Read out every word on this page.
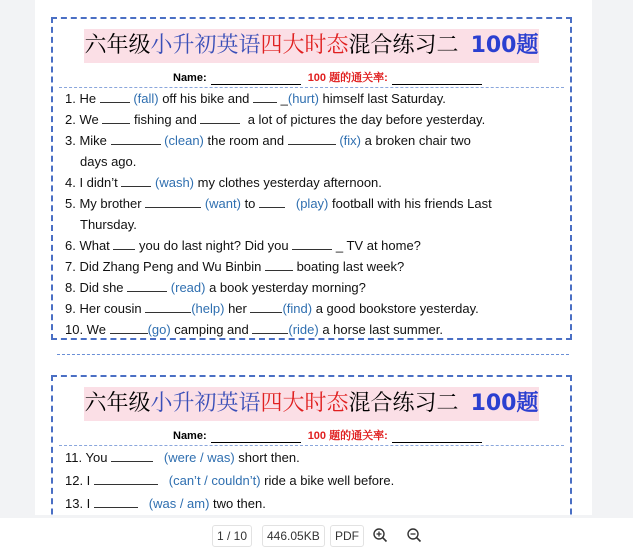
六年级小升初英语四大时态混合练习二 100题
Name:	100 题的通关率:
1. He	(fall) off his bike and  _(hurt) himself last Saturday.
2. We  fishing and	a lot of pictures the day before yesterday.
3. Mike	(clean) the room and	(fix) a broken chair two
days ago.
4. I didn’t	(wash) my clothes yesterday afternoon.
5. My brother	(want) to	(play) football with his friends Last
Thursday.
6. What  you do last night? Did you	_ TV at home?
7. Did Zhang Peng and Wu Binbin  boating last week?
8. Did she	(read) a book yesterday morning?
9. Her cousin	(help) her (find) a good bookstore yesterday.
10. We	(go) camping and	(ride) a horse last summer.
六年级小升初英语四大时态混合练习二 100题
Name:	100 题的通关率:
11. You	(were / was) short then.
12. I	(can’t / couldn’t) ride a bike well before.
13. I	(was / am) two then.
1 / 10	446.05KB	PDF
